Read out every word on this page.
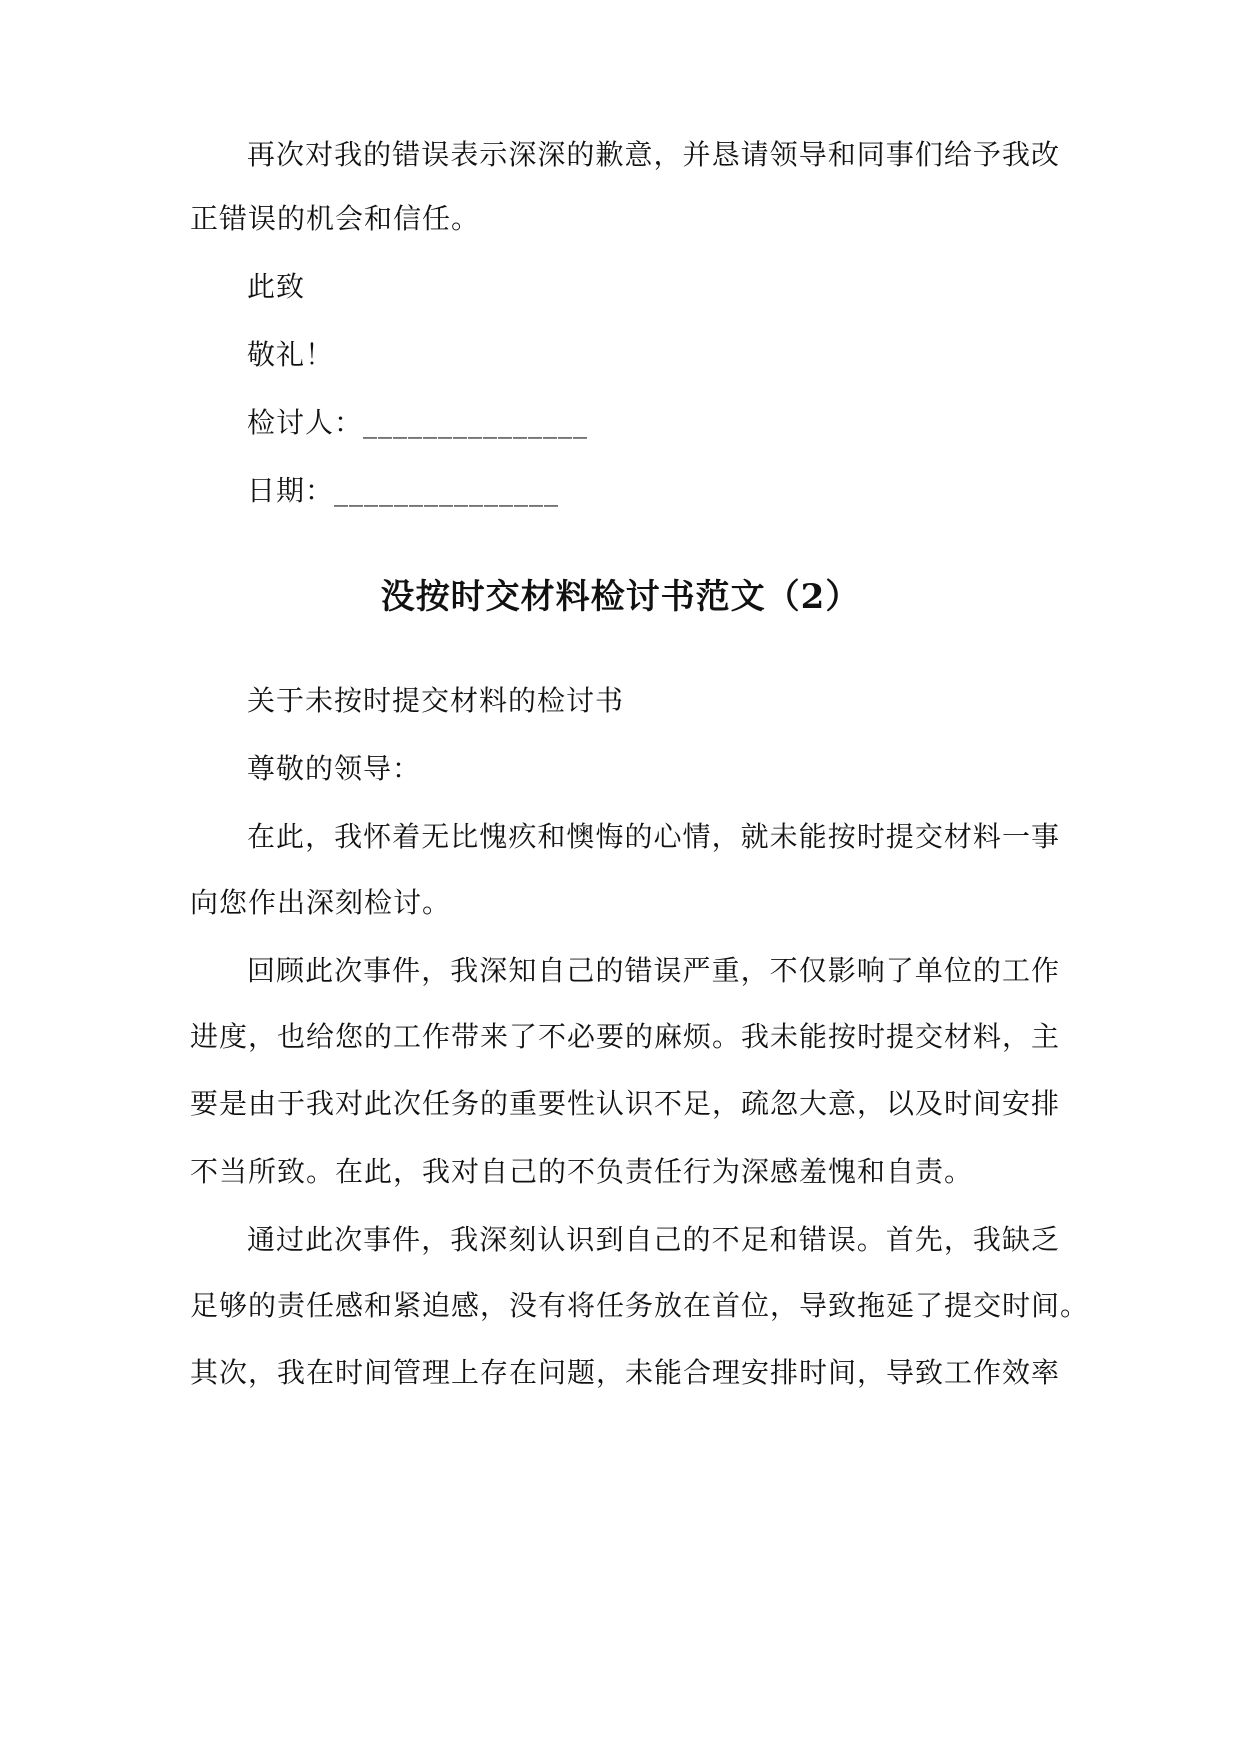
再次对我的错误表示深深的歉意，并恳请领导和同事们给予我改
正错误的机会和信任。
此致
敬礼！
检讨人：_______________
日期：_______________
没按时交材料检讨书范文（2）
关于未按时提交材料的检讨书
尊敬的领导：
在此，我怀着无比愧疚和懊悔的心情，就未能按时提交材料一事
向您作出深刻检讨。
回顾此次事件，我深知自己的错误严重，不仅影响了单位的工作
进度，也给您的工作带来了不必要的麻烦。我未能按时提交材料，主
要是由于我对此次任务的重要性认识不足，疏忽大意，以及时间安排
不当所致。在此，我对自己的不负责任行为深感羞愧和自责。
通过此次事件，我深刻认识到自己的不足和错误。首先，我缺乏
足够的责任感和紧迫感，没有将任务放在首位，导致拖延了提交时间。
其次，我在时间管理上存在问题，未能合理安排时间，导致工作效率
